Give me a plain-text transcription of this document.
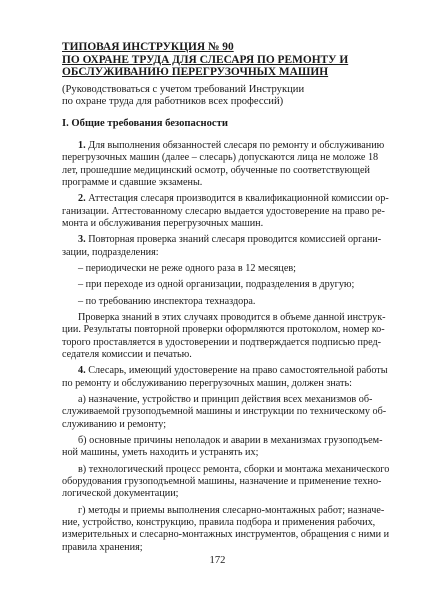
ТИПОВАЯ ИНСТРУКЦИЯ № 90
ПО ОХРАНЕ ТРУДА ДЛЯ СЛЕСАРЯ ПО РЕМОНТУ И
ОБСЛУЖИВАНИЮ ПЕРЕГРУЗОЧНЫХ МАШИН
(Руководствоваться с учетом требований Инструкции
по охране труда для работников всех профессий)
I. Общие требования безопасности
1. Для выполнения обязанностей слесаря по ремонту и обслуживанию
перегрузочных машин (далее – слесарь) допускаются лица не моложе 18
лет, прошедшие медицинский осмотр, обученные по соответствующей
программе и сдавшие экзамены.
2. Аттестация слесаря производится в квалификационной комиссии ор-
ганизации. Аттестованному слесарю выдается удостоверение на право ре-
монта и обслуживания перегрузочных машин.
3. Повторная проверка знаний слесаря проводится комиссией органи-
зации, подразделения:
– периодически не реже одного раза в 12 месяцев;
– при переходе из одной организации, подразделения в другую;
– по требованию инспектора техназдора.
Проверка знаний в этих случаях проводится в объеме данной инструк-
ции. Результаты повторной проверки оформляются протоколом, номер ко-
торого проставляется в удостоверении и подтверждается подписью пред-
седателя комиссии и печатью.
4. Слесарь, имеющий удостоверение на право самостоятельной работы
по ремонту и обслуживанию перегрузочных машин, должен знать:
а) назначение, устройство и принцип действия всех механизмов об-
служиваемой грузоподъемной машины и инструкции по техническому об-
служиванию и ремонту;
б) основные причины неполадок и аварии в механизмах грузоподъем-
ной машины, уметь находить и устранять их;
в) технологический процесс ремонта, сборки и монтажа механического
оборудования грузоподъемной машины, назначение и применение техно-
логической документации;
г) методы и приемы выполнения слесарно-монтажных работ; назначе-
ние, устройство, конструкцию, правила подбора и применения рабочих,
измерительных и слесарно-монтажных инструментов, обращения с ними и
правила хранения;
172
